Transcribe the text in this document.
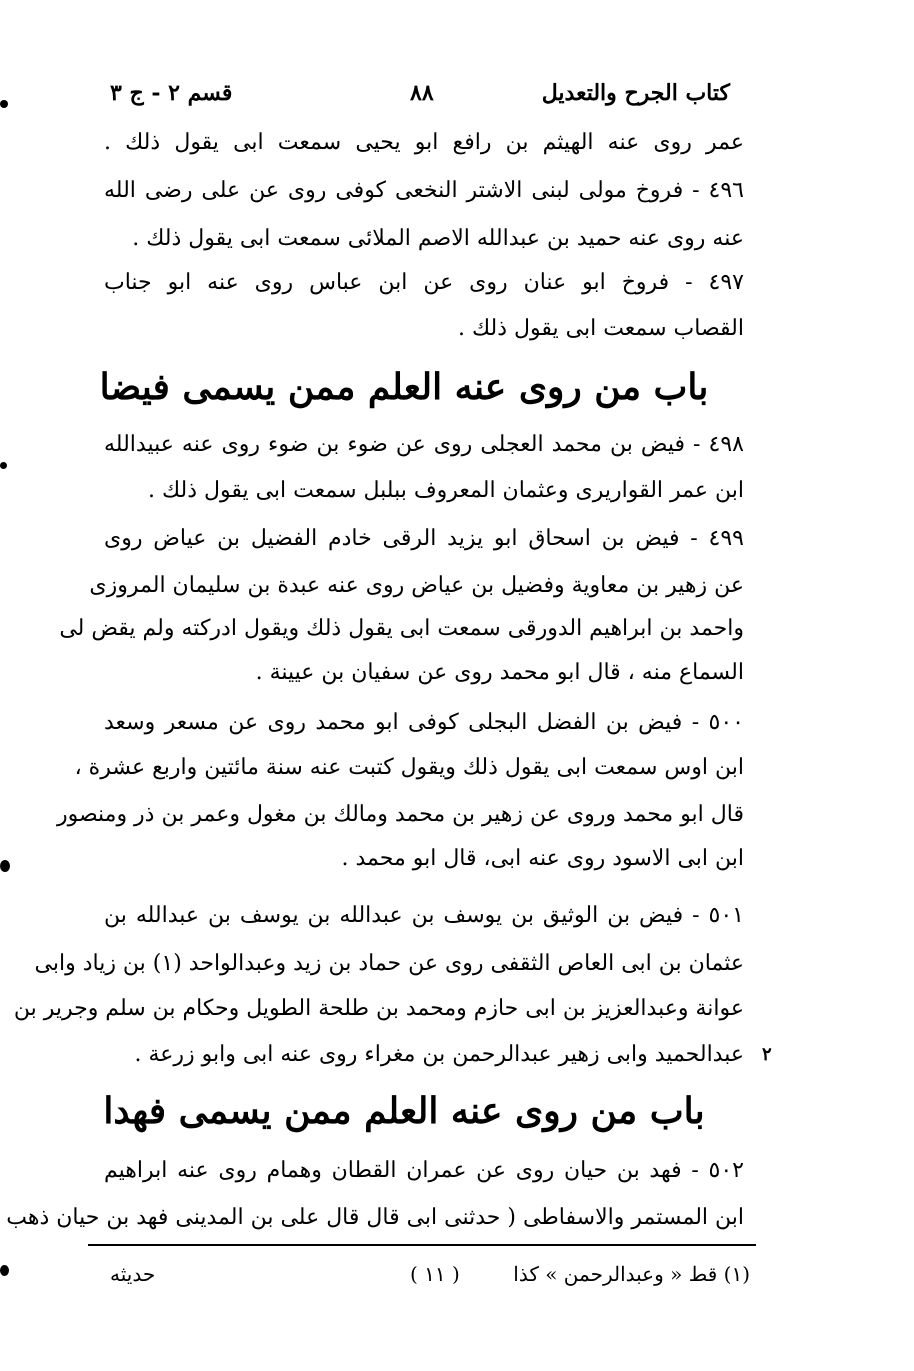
كتاب الجرح والتعديل
٨٨
قسم ٢ - ج ٣
عمر روى عنه الهيثم بن رافع ابو يحيى سمعت ابى يقول ذلك .
٤٩٦ - فروخ مولى لبنى الاشتر النخعى كوفى روى عن على رضى الله
عنه روى عنه حميد بن عبدالله الاصم الملائى سمعت ابى يقول ذلك .
٤٩٧ - فروخ ابو عنان روى عن ابن عباس روى عنه ابو جناب
القصاب سمعت ابى يقول ذلك .
باب من روى عنه العلم ممن يسمى فيضا
٤٩٨ - فيض بن محمد العجلى روى عن ضوء بن ضوء روى عنه عبيدالله
ابن عمر القواريرى وعثمان المعروف ببلبل سمعت ابى يقول ذلك .
٤٩٩ - فيض بن اسحاق ابو يزيد الرقى خادم الفضيل بن عياض روى
عن زهير بن معاوية وفضيل بن عياض روى عنه عبدة بن سليمان المروزى
واحمد بن ابراهيم الدورقى سمعت ابى يقول ذلك ويقول ادركته ولم يقض لى
السماع منه ، قال ابو محمد روى عن سفيان بن عيينة .
٥٠٠ - فيض بن الفضل البجلى كوفى ابو محمد روى عن مسعر وسعد
ابن اوس سمعت ابى يقول ذلك ويقول كتبت عنه سنة مائتين واربع عشرة ،
قال ابو محمد وروى عن زهير بن محمد ومالك بن مغول وعمر بن ذر ومنصور
ابن ابى الاسود روى عنه ابى، قال ابو محمد .
٥٠١ - فيض بن الوثيق بن يوسف بن عبدالله بن يوسف بن عبدالله بن
عثمان بن ابى العاص الثقفى روى عن حماد بن زيد وعبدالواحد (١) بن زياد وابى
عوانة وعبدالعزيز بن ابى حازم ومحمد بن طلحة الطويل وحكام بن سلم وجرير بن
عبدالحميد وابى زهير عبدالرحمن بن مغراء روى عنه ابى وابو زرعة . ٢
باب من روى عنه العلم ممن يسمى فهدا
٥٠٢ - فهد بن حيان روى عن عمران القطان وهمام روى عنه ابراهيم
ابن المستمر والاسفاطى ( حدثنى ابى قال قال على بن المدينى فهد بن حيان ذهب
(١) قط « وعبدالرحمن » كذا
( ١١ )
حديثه
